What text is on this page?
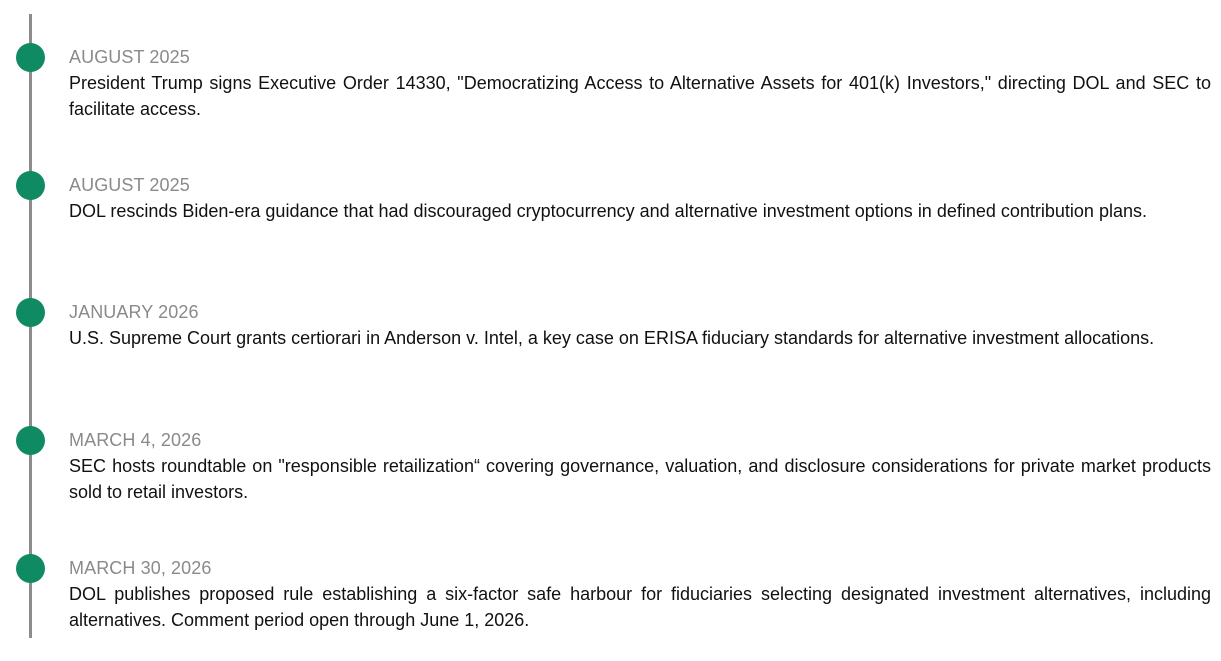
AUGUST 2025

President Trump signs Executive Order 14330, "Democratizing Access to Alternative Assets for 401(k) Investors," directing DOL and SEC to facilitate access.

AUGUST 2025

DOL rescinds Biden-era guidance that had discouraged cryptocurrency and alternative investment options in defined contribution plans.

JANUARY 2026

U.S. Supreme Court grants certiorari in Anderson v. Intel, a key case on ERISA fiduciary standards for alternative investment allocations.

MARCH 4, 2026

SEC hosts roundtable on "responsible retailization“ covering governance, valuation, and disclosure considerations for private market products sold to retail investors.

MARCH 30, 2026

DOL publishes proposed rule establishing a six-factor safe harbour for fiduciaries selecting designated investment alternatives, including alternatives. Comment period open through June 1, 2026.
